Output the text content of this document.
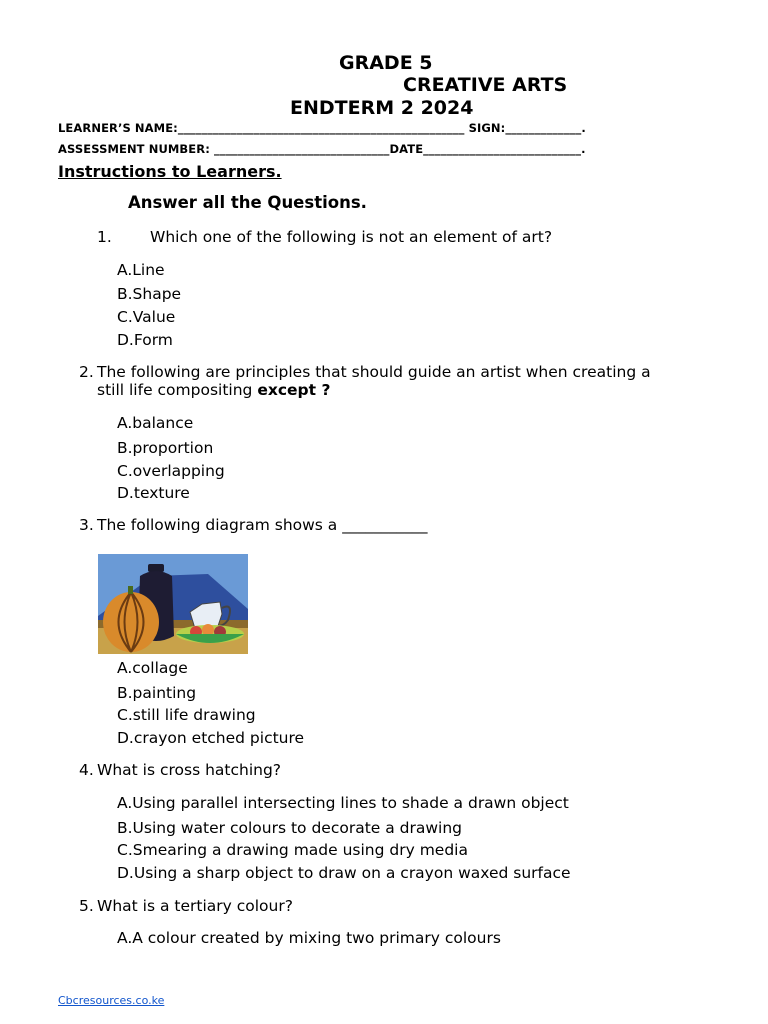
GRADE 5
CREATIVE ARTS
ENDTERM 2 2024
LEARNER’S NAME:_________________________________________________ SIGN:_____________.
ASSESSMENT NUMBER: ______________________________DATE___________________________.
Instructions to Learners.
Answer all the Questions.
1. Which one of the following is not an element of art?
A.Line
B.Shape
C.Value
D.Form
2. The following are principles that should guide an artist when creating a
still life compositing except ?
A.balance
B.proportion
C.overlapping
D.texture
3. The following diagram shows a ___________
A.collage
B.painting
C.still life drawing
D.crayon etched picture
4. What is cross hatching?
A.Using parallel intersecting lines to shade a drawn object
B.Using water colours to decorate a drawing
C.Smearing a drawing made using dry media
D.Using a sharp object to draw on a crayon waxed surface
5. What is a tertiary colour?
A.A colour created by mixing two primary colours
Cbcresources.co.ke
